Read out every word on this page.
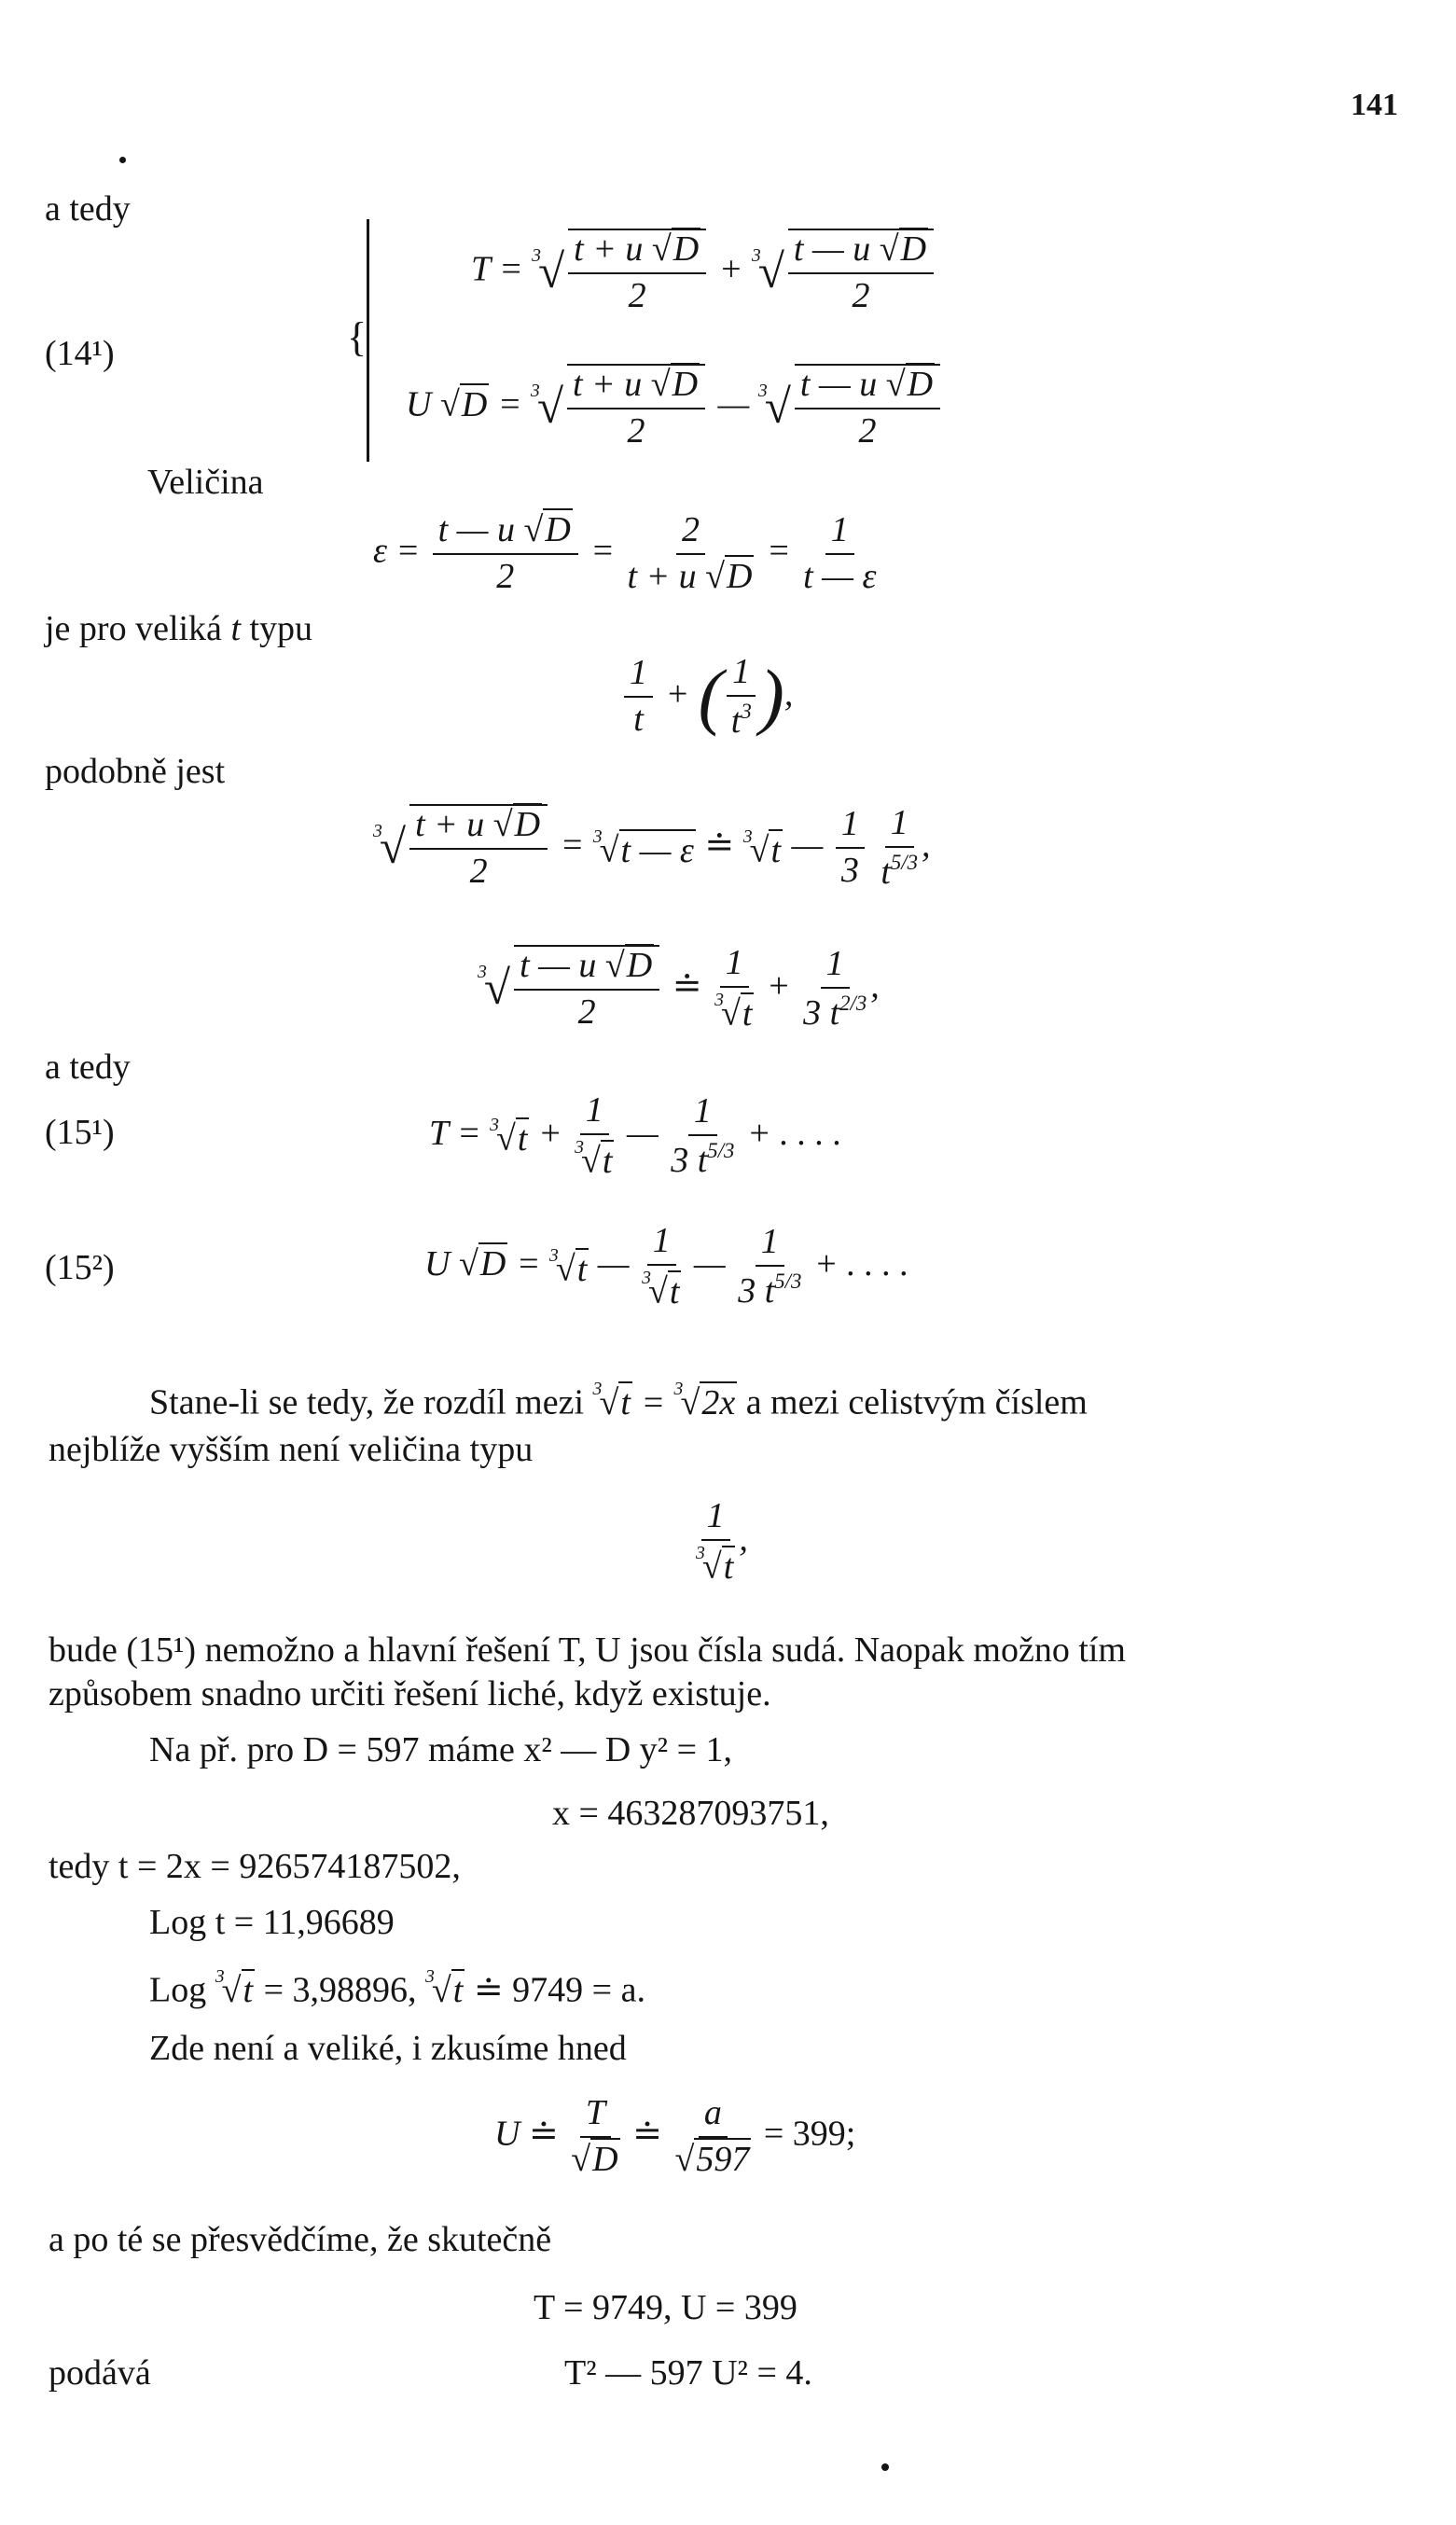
141
a tedy
(14¹)
Veličina
{
$T = ^3√ \frac{t + u √D}{2} + ^3√ \frac{t — u √D}{2}$
U $√D = ^3√ \frac{t + u √D}{2}$ — $^3√ \frac{t — u √D}{2}$
$\varepsilon = \frac{t — u √D}{2} = \frac{2}{t + u √D} = \frac{1}{t — \varepsilon}$
je pro veliká t typu
$\frac{1}{t}$ + ( $\frac{1}{t^3}$ ),
podobně jest
$^3√ \frac{t + u √D}{2} = ^3√t$ — ε ≐ $^3$√t — $\frac{1}{3}$
$\frac{1}{t^{5/3}}$ ,
$^3√ \frac{t — u √D}{2}$ ≐ $\frac{1}{^3√t} + \frac{1}{3 t^{2/3}}$ ,
a tedy
(15¹)	$T = ^3√t + \frac{1}{^3√t}$ — $\frac{1}{3 t^{5/3}}$ + . . . .
(15²)	U √D = $^3$√t — $\frac{1}{^3√t}$ — $\frac{1}{3 t^{5/3}}$ + . . . .
Stane-li se tedy, že rozdíl mezi $^3$√t = $^3$√2x a mezi celistvým číslem
nejblíže vyšším není veličina typu
$\frac{1}{^3√t}$ ,
bude (15¹) nemožno a hlavní řešení T, U jsou čísla sudá. Naopak možno tím
způsobem snadno určiti řešení liché, když existuje.
Na př. pro D = 597 máme x² — D y² = 1,
x = 463287093751,
tedy t = 2x = 926574187502,
Log t = 11,96689
Log $^3$√t = 3,98896, $^3$√t ≐ 9749 = a.
Zde není a veliké, i zkusíme hned
U ≐ $\frac{T}{√D}$ ≐ $\frac{a}{√597} = 399$;
a po té se přesvědčíme, že skutečně
T = 9749, U = 399
podává	T² — 597 U² = 4.
